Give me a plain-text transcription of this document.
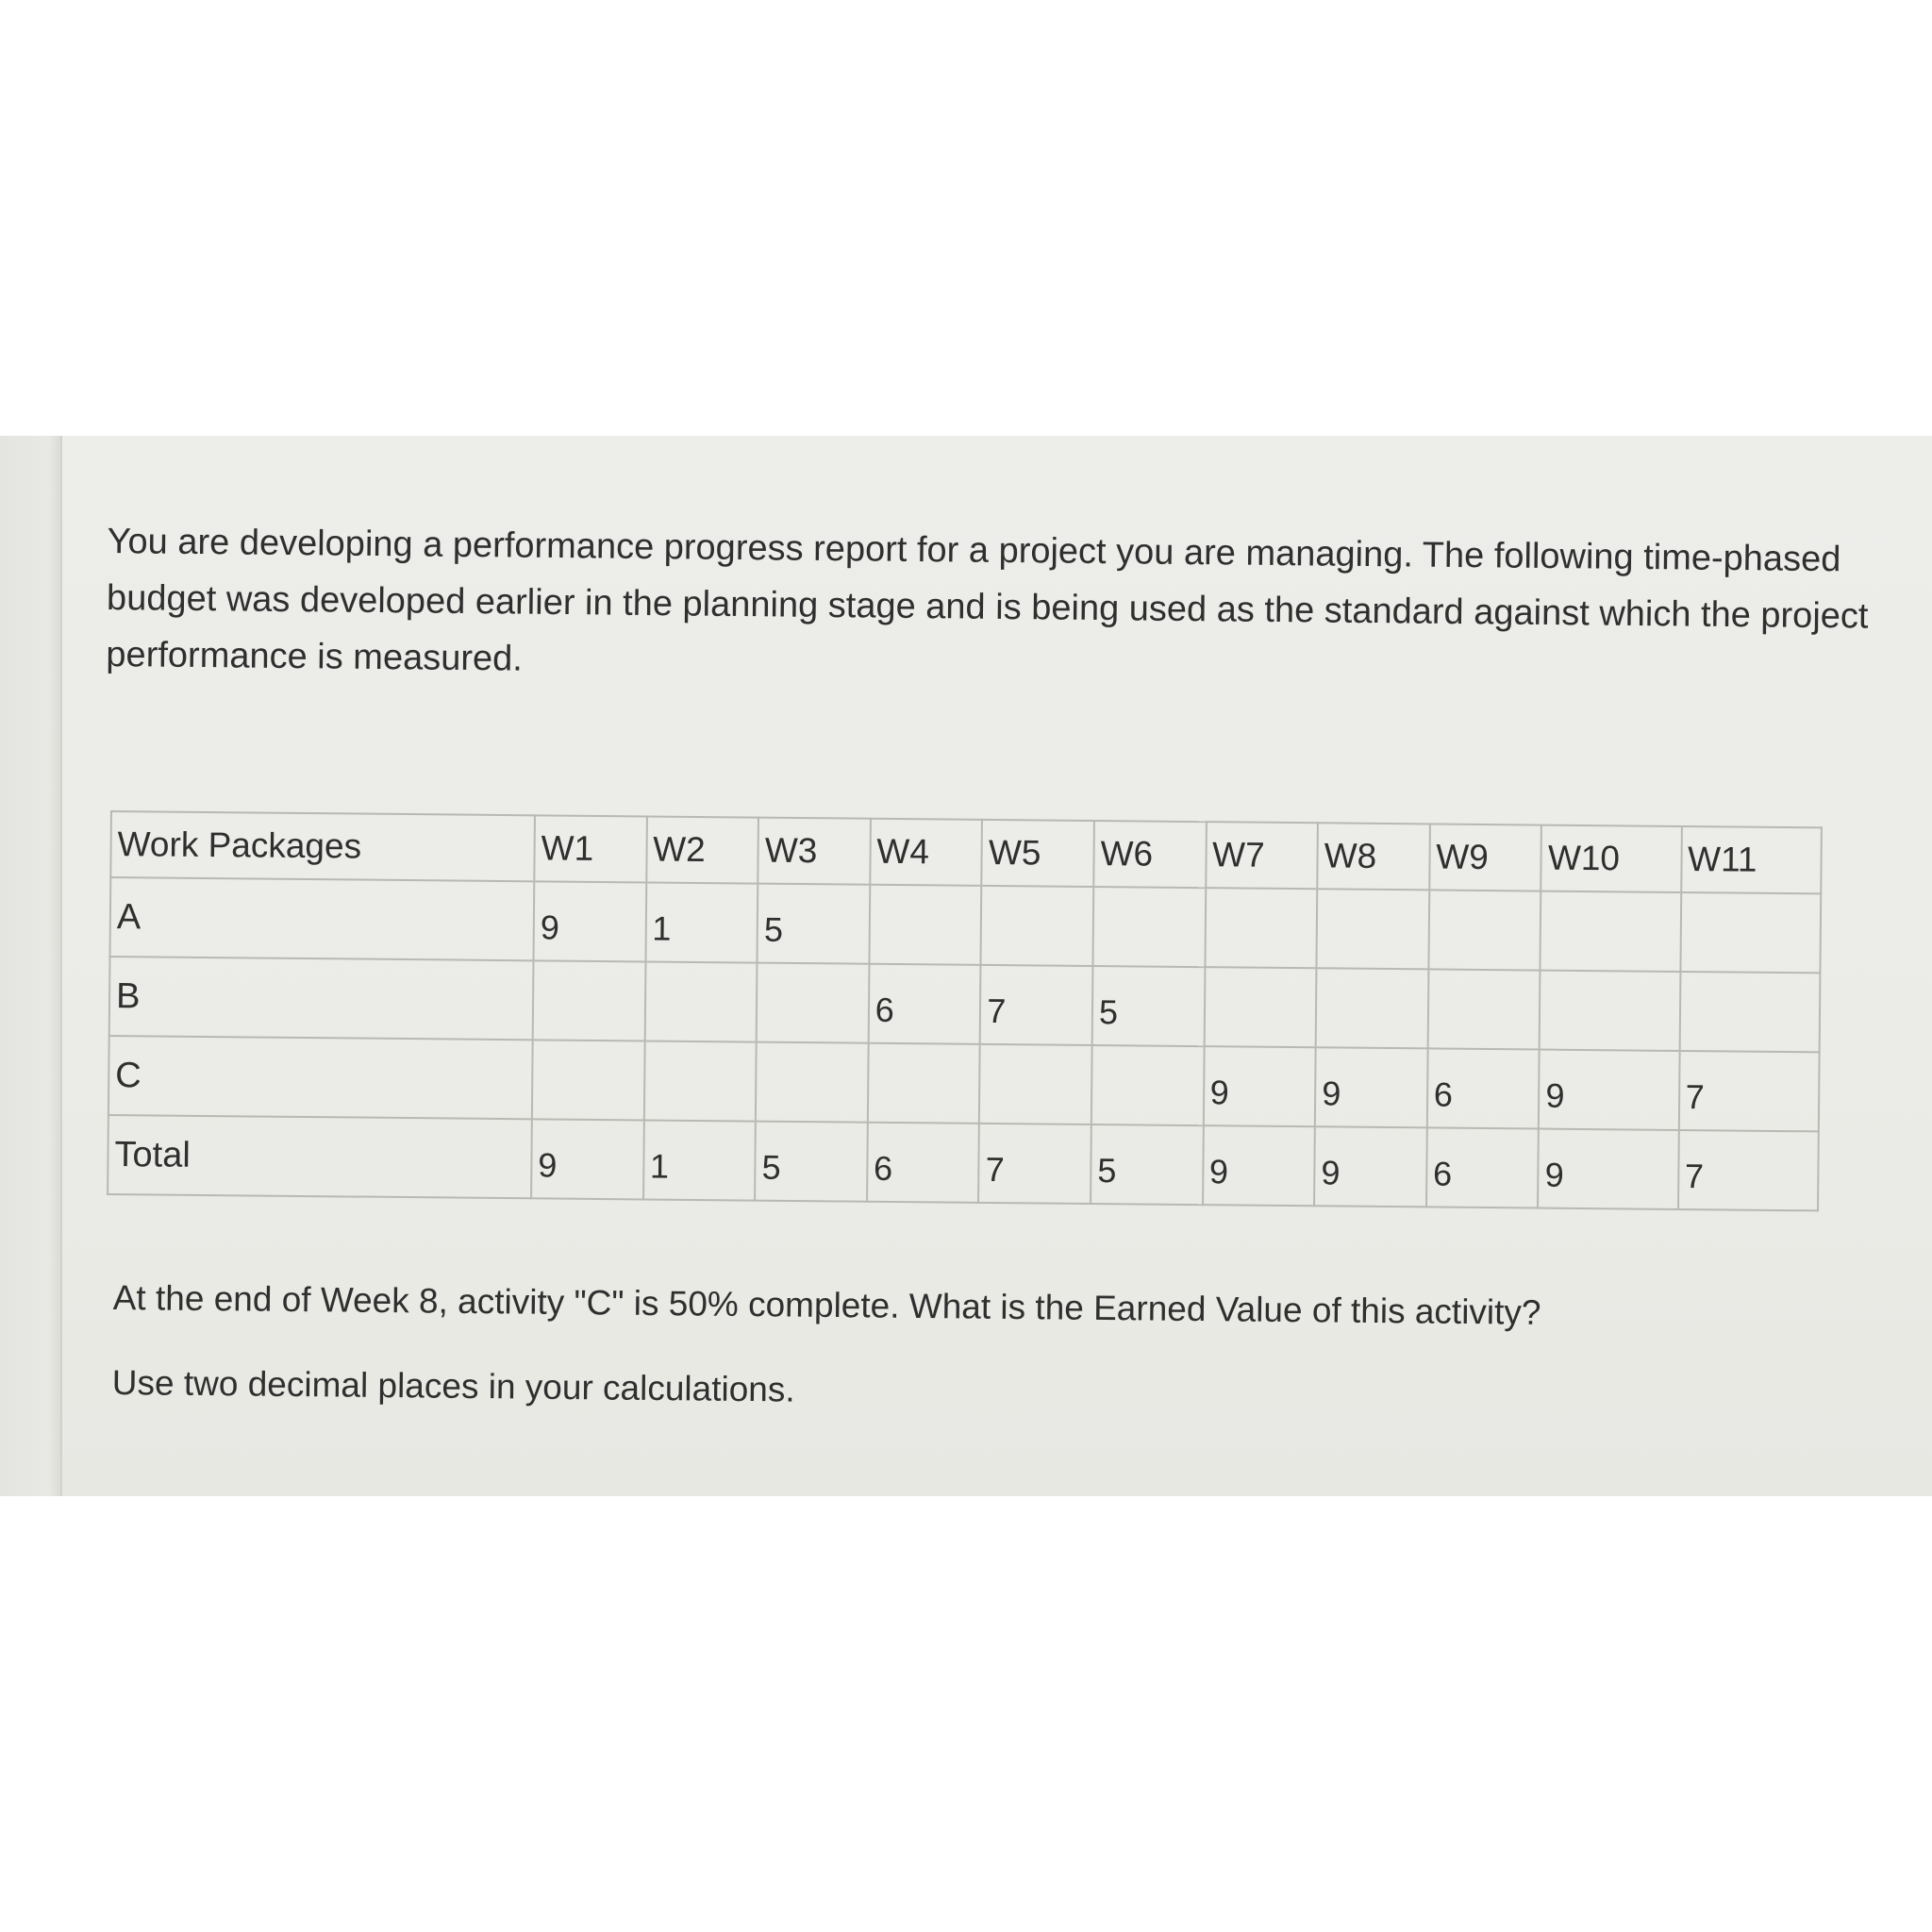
You are developing a performance progress report for a project you are managing. The following time-phased budget was developed earlier in the planning stage and is being used as the standard against which the project performance is measured.

Work Packages	W1	W2	W3	W4	W5	W6	W7	W8	W9	W10	W11
A	9	1	5								
B				6	7	5					
C							9	9	6	9	7
Total	9	1	5	6	7	5	9	9	6	9	7

At the end of Week 8, activity "C" is 50% complete. What is the Earned Value of this activity?

Use two decimal places in your calculations.
